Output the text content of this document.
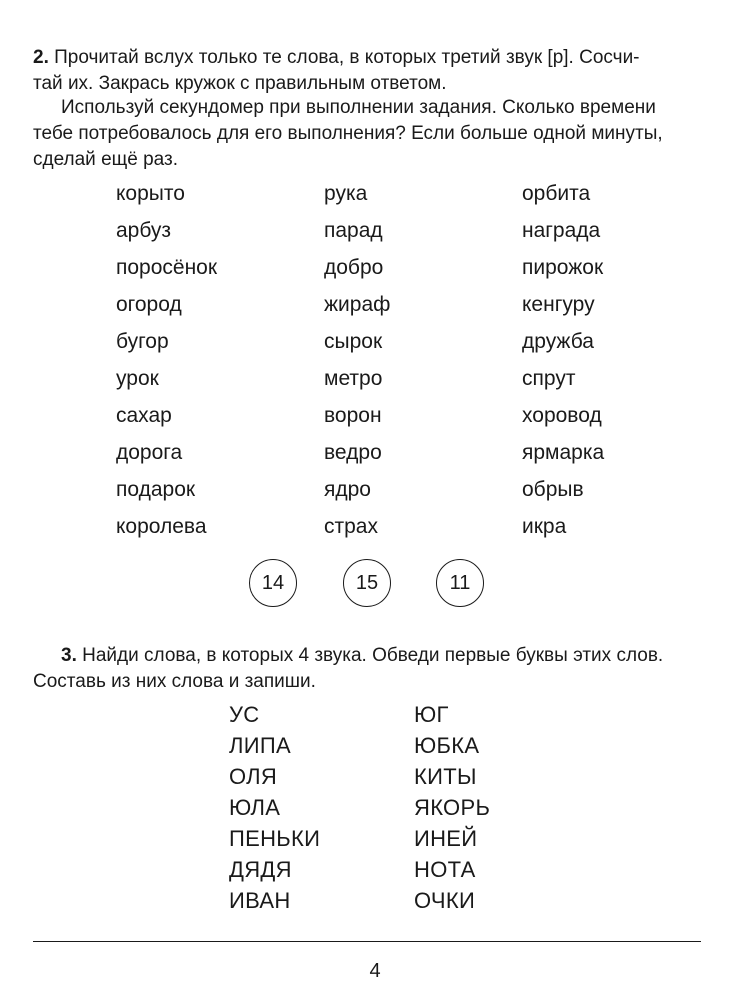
2. Прочитай вслух только те слова, в которых третий звук [р]. Сосчи-
тай их. Закрась кружок с правильным ответом.

Используй секундомер при выполнении задания. Сколько времени
тебе потребовалось для его выполнения? Если больше одной минуты,
сделай ещё раз.

корыто
арбуз
поросёнок
огород
бугор
урок
сахар
дорога
подарок
королева
рука
парад
добро
жираф
сырок
метро
ворон
ведро
ядро
страх
орбита
награда
пирожок
кенгуру
дружба
спрут
хоровод
ярмарка
обрыв
икра
14	15	11

3. Найди слова, в которых 4 звука. Обведи первые буквы этих слов.
Составь из них слова и запиши.

УС
ЛИПА
ОЛЯ
ЮЛА
ПЕНЬКИ
ДЯДЯ
ИВАН
ЮГ
ЮБКА
КИТЫ
ЯКОРЬ
ИНЕЙ
НОТА
ОЧКИ
4
